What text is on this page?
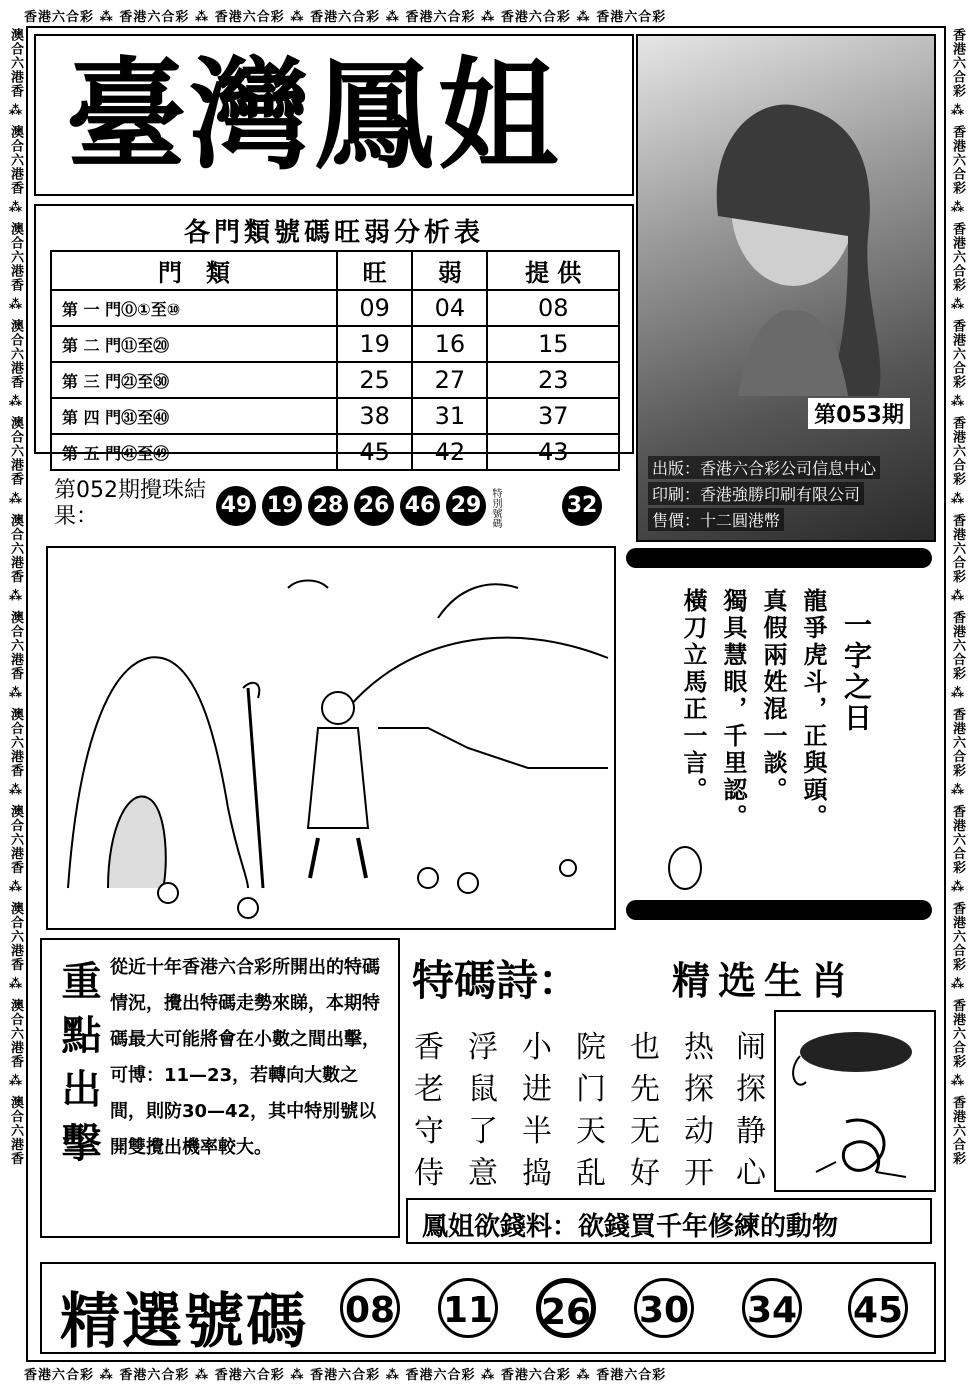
香港六合彩 ⁂ 香港六合彩 ⁂ 香港六合彩 ⁂ 香港六合彩 ⁂ 香港六合彩 ⁂ 香港六合彩 ⁂ 香港六合彩
香港六合彩 ⁂ 香港六合彩 ⁂ 香港六合彩 ⁂ 香港六合彩 ⁂ 香港六合彩 ⁂ 香港六合彩 ⁂ 香港六合彩
澳合六港香 ⁂ 澳合六港香 ⁂ 澳合六港香 ⁂ 澳合六港香 ⁂ 澳合六港香 ⁂ 澳合六港香 ⁂ 澳合六港香 ⁂ 澳合六港香 ⁂ 澳合六港香 ⁂ 澳合六港香 ⁂ 澳合六港香 ⁂ 澳合六港香
香港六合彩 ⁂ 香港六合彩 ⁂ 香港六合彩 ⁂ 香港六合彩 ⁂ 香港六合彩 ⁂ 香港六合彩 ⁂ 香港六合彩 ⁂ 香港六合彩 ⁂ 香港六合彩 ⁂ 香港六合彩 ⁂ 香港六合彩 ⁂ 香港六合彩
臺灣鳳姐
第053期
出版：香港六合彩公司信息中心
印刷：香港強勝印刷有限公司
售價：十二圓港幣
各門類號碼旺弱分析表
門　類	旺	弱	提 供
第 一 門⓪①至⑩	09	04	08
第 二 門⑪至⑳	19	16	15
第 三 門㉑至㉚	25	27	23
第 四 門㉛至㊵	38	31	37
第 五 門㊶至㊾	45	42	43
第052期攪珠結果：	49 19 28 26 46 29 特別號碼	32
一字之日
龍爭虎斗，正與頭。
真假兩姓混一談。
獨具慧眼，千里認。
橫刀立馬正一言。
重點出擊 從近十年香港六合彩所開出的特碼情況，攪出特碼走勢來睇，本期特碼最大可能將會在小數之間出擊，可博：11—23，若轉向大數之間，則防30—42，其中特別號以開雙攪出機率較大。
特碼詩： 精选生肖
香 浮 小 院 也 热 闹
老 鼠 进 门 先 探 探
守 了 半 天 无 动 静
侍 意 捣 乱 好 开 心
鳳姐欲錢料：欲錢買千年修練的動物
精選號碼 08 11 26 30 34 45
